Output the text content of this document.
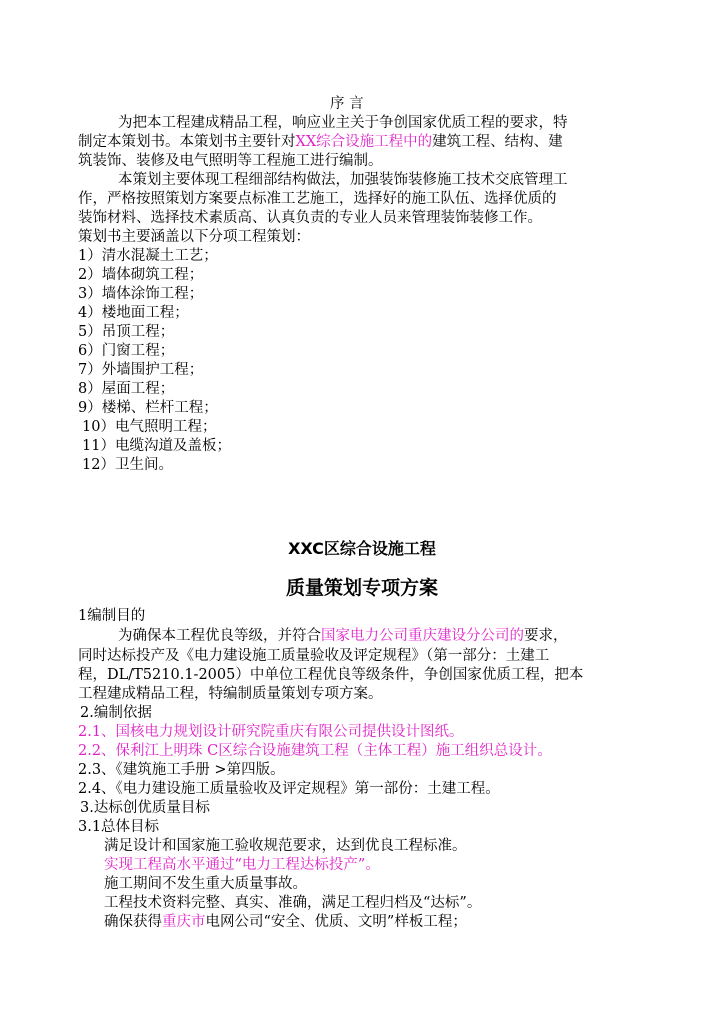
序 言
为把本工程建成精品工程，响应业主关于争创国家优质工程的要求，特
制定本策划书。本策划书主要针对XX综合设施工程中的建筑工程、结构、建
筑装饰、装修及电气照明等工程施工进行编制。
本策划主要体现工程细部结构做法，加强装饰装修施工技术交底管理工
作，严格按照策划方案要点标准工艺施工，选择好的施工队伍、选择优质的
装饰材料、选择技术素质高、认真负责的专业人员来管理装饰装修工作。
策划书主要涵盖以下分项工程策划：
1）清水混凝土工艺；
2）墙体砌筑工程；
3）墙体涂饰工程；
4）楼地面工程；
5）吊顶工程；
6）门窗工程；
7）外墙围护工程；
8）屋面工程；
9）楼梯、栏杆工程；
10）电气照明工程；
11）电缆沟道及盖板；
12）卫生间。
XXC区综合设施工程
质量策划专项方案
1编制目的
为确保本工程优良等级，并符合国家电力公司重庆建设分公司的要求，
同时达标投产及《电力建设施工质量验收及评定规程》（第一部分：土建工
程，DL/T5210.1-2005）中单位工程优良等级条件，争创国家优质工程，把本
工程建成精品工程，特编制质量策划专项方案。
2.编制依据
2.1、国核电力规划设计研究院重庆有限公司提供设计图纸。
2.2、保利江上明珠 C区综合设施建筑工程（主体工程）施工组织总设计。
2.3、《建筑施工手册 >第四版。
2.4、《电力建设施工质量验收及评定规程》第一部份：土建工程。
3.达标创优质量目标
3.1总体目标
满足设计和国家施工验收规范要求，达到优良工程标准。
实现工程高水平通过“电力工程达标投产”。
施工期间不发生重大质量事故。
工程技术资料完整、真实、准确，满足工程归档及“达标”。
确保获得重庆市电网公司“安全、优质、文明”样板工程；
